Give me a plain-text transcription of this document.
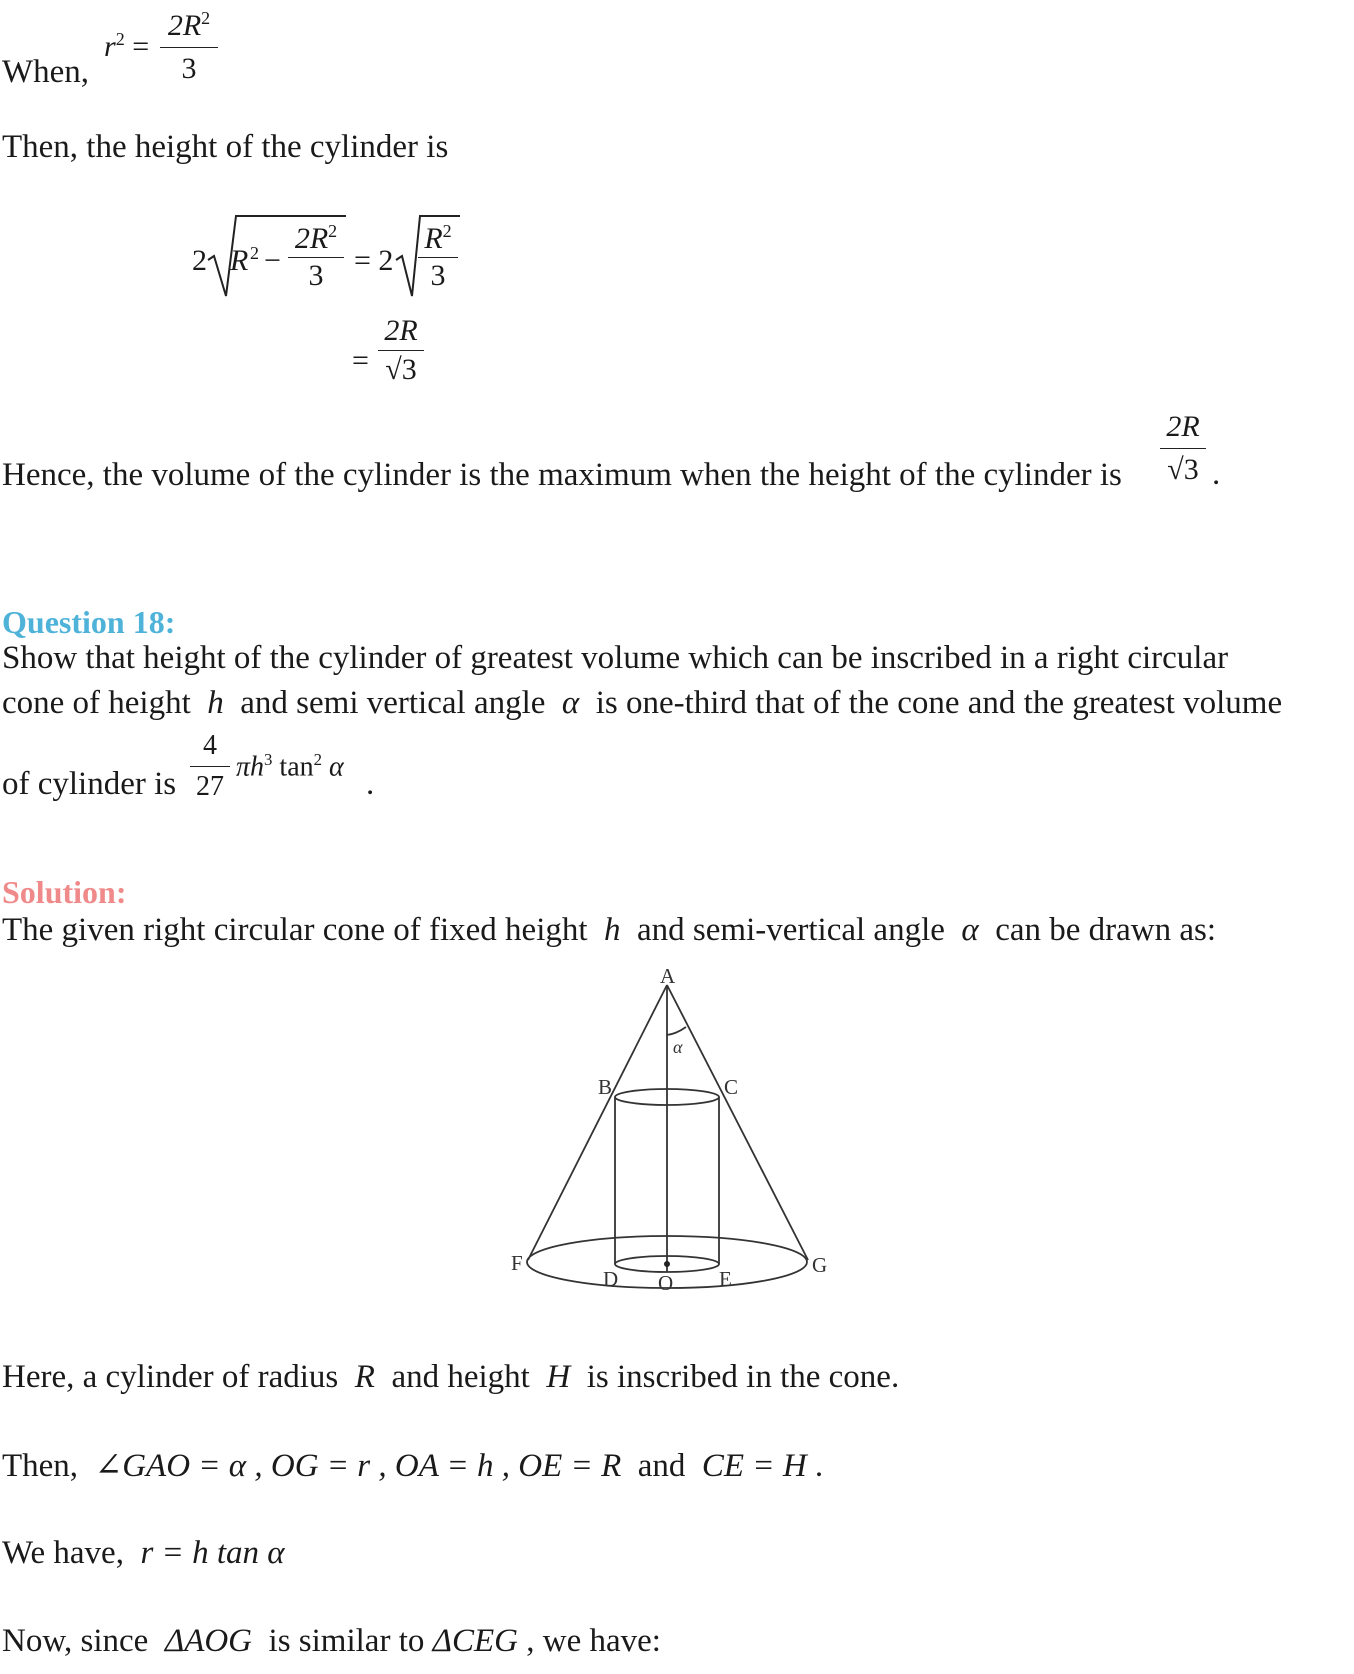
When,
$r^2 = \frac{2R^2}{3}$
Then, the height of the cylinder is
2 R $2 - \frac{2R^2}{3} = 2 \frac{R^2}{3}$
= $\frac{2R}{√3}$
Hence, the volume of the cylinder is the maximum when the height of the cylinder is $\frac{2R}{√3}$ .
Question 18:
Show that height of the cylinder of greatest volume which can be inscribed in a right circular
cone of height h and semi vertical angle α is one-third that of the cone and the greatest volume
of cylinder is $\frac{4}{27} \pi h^3$ $\tan^2 \alpha$ .
Solution:
The given right circular cone of fixed height h and semi-vertical angle α can be drawn as:
A
B	C
D	E
F	G
O
α
Here, a cylinder of radius R and height H is inscribed in the cone.
Then, ∠GAO = α , OG = r , OA = h , OE = R and CE = H .
We have, r = h tan α
Now, since ΔAOG is similar to ΔCEG , we have:
